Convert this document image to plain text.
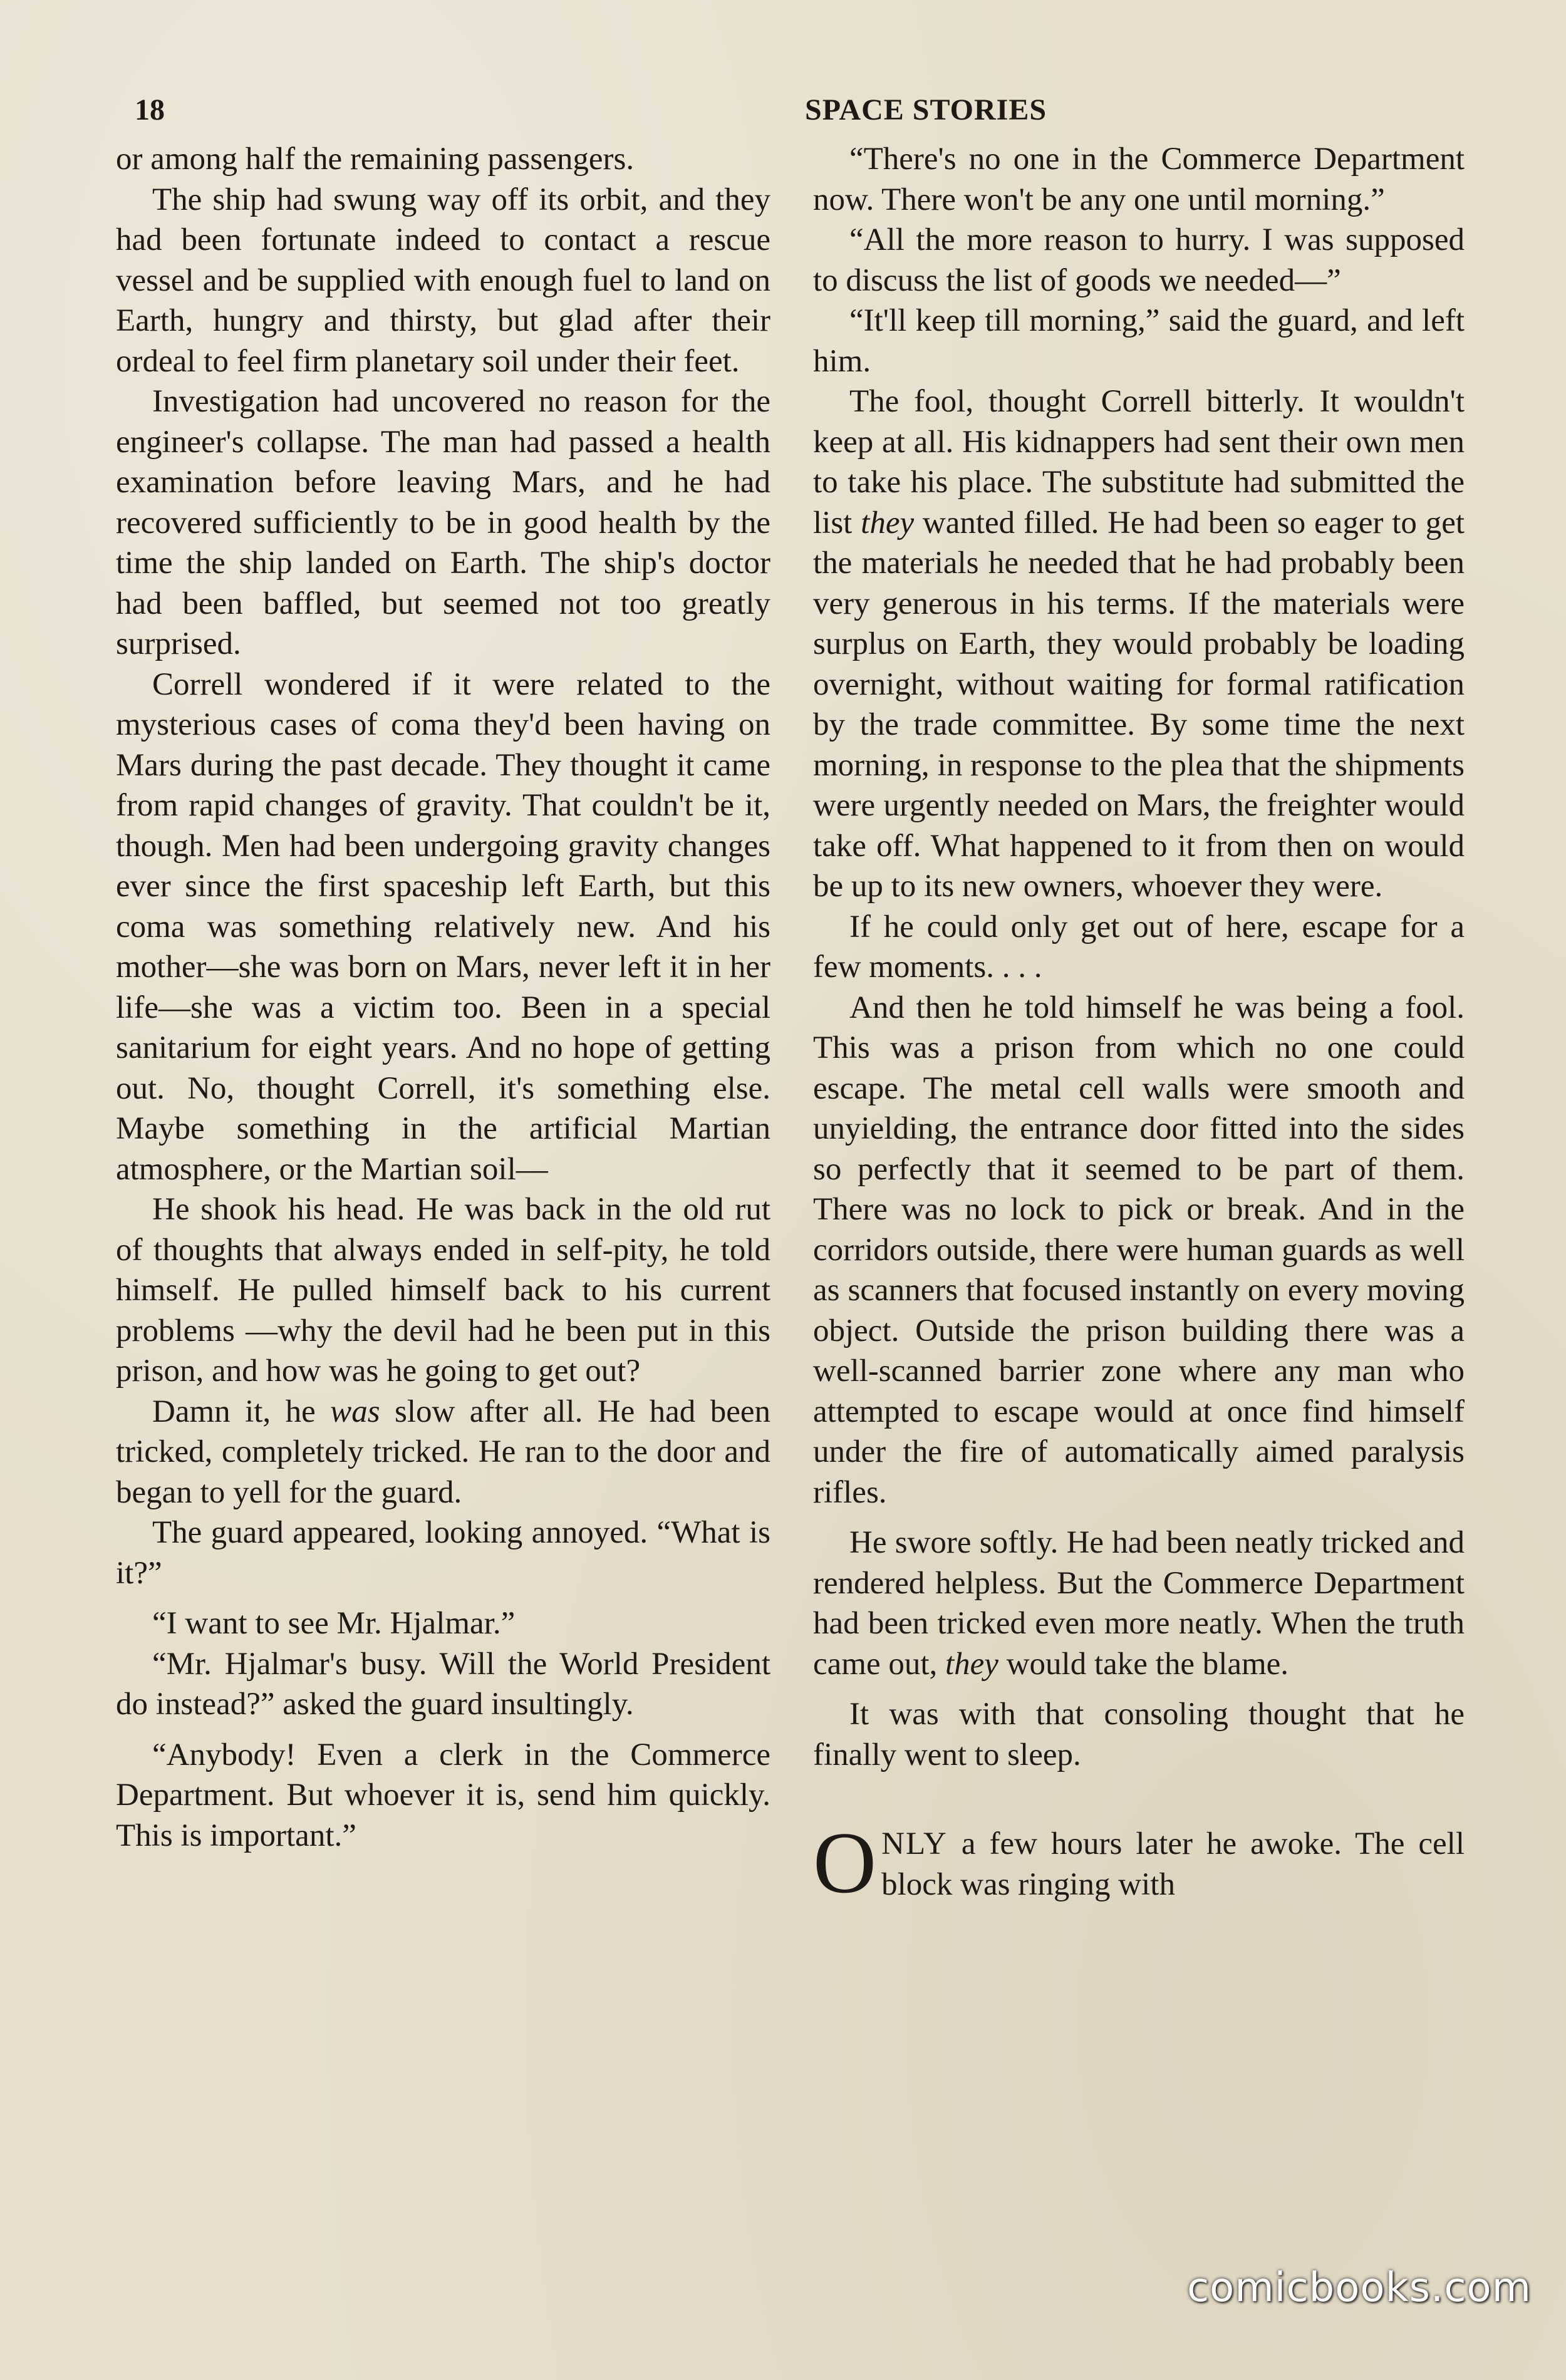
18	SPACE STORIES

or among half the remaining passengers.

The ship had swung way off its orbit, and they had been fortunate indeed to contact a rescue vessel and be supplied with enough fuel to land on Earth, hungry and thirsty, but glad after their ordeal to feel firm planetary soil under their feet.

Investigation had uncovered no reason for the engineer's collapse. The man had passed a health examination before leaving Mars, and he had recovered sufficiently to be in good health by the time the ship landed on Earth. The ship's doctor had been baffled, but seemed not too greatly surprised.

Correll wondered if it were related to the mysterious cases of coma they'd been having on Mars during the past decade. They thought it came from rapid changes of gravity. That couldn't be it, though. Men had been undergoing gravity changes ever since the first spaceship left Earth, but this coma was something relatively new. And his mother—she was born on Mars, never left it in her life—she was a victim too. Been in a special sanitarium for eight years. And no hope of getting out. No, thought Correll, it's something else. Maybe something in the artificial Martian atmosphere, or the Martian soil—

He shook his head. He was back in the old rut of thoughts that always ended in self-pity, he told himself. He pulled himself back to his current problems —why the devil had he been put in this prison, and how was he going to get out?

Damn it, he was slow after all. He had been tricked, completely tricked. He ran to the door and began to yell for the guard.

The guard appeared, looking annoyed. “What is it?”

“I want to see Mr. Hjalmar.”

“Mr. Hjalmar's busy. Will the World President do instead?” asked the guard insultingly.

“Anybody! Even a clerk in the Commerce Department. But whoever it is, send him quickly. This is important.”

“There's no one in the Commerce Department now. There won't be any one until morning.”

“All the more reason to hurry. I was supposed to discuss the list of goods we needed—”

“It'll keep till morning,” said the guard, and left him.

The fool, thought Correll bitterly. It wouldn't keep at all. His kidnappers had sent their own men to take his place. The substitute had submitted the list they wanted filled. He had been so eager to get the materials he needed that he had probably been very generous in his terms. If the materials were surplus on Earth, they would probably be loading overnight, without waiting for formal ratification by the trade committee. By some time the next morning, in response to the plea that the shipments were urgently needed on Mars, the freighter would take off. What happened to it from then on would be up to its new owners, whoever they were.

If he could only get out of here, escape for a few moments. . . .

And then he told himself he was being a fool. This was a prison from which no one could escape. The metal cell walls were smooth and unyielding, the entrance door fitted into the sides so perfectly that it seemed to be part of them. There was no lock to pick or break. And in the corridors outside, there were human guards as well as scanners that focused instantly on every moving object. Outside the prison building there was a well-scanned barrier zone where any man who attempted to escape would at once find himself under the fire of automatically aimed paralysis rifles.

He swore softly. He had been neatly tricked and rendered helpless. But the Commerce Department had been tricked even more neatly. When the truth came out, they would take the blame.

It was with that consoling thought that he finally went to sleep.

ONLY a few hours later he awoke. The cell block was ringing with

comicbooks.com
